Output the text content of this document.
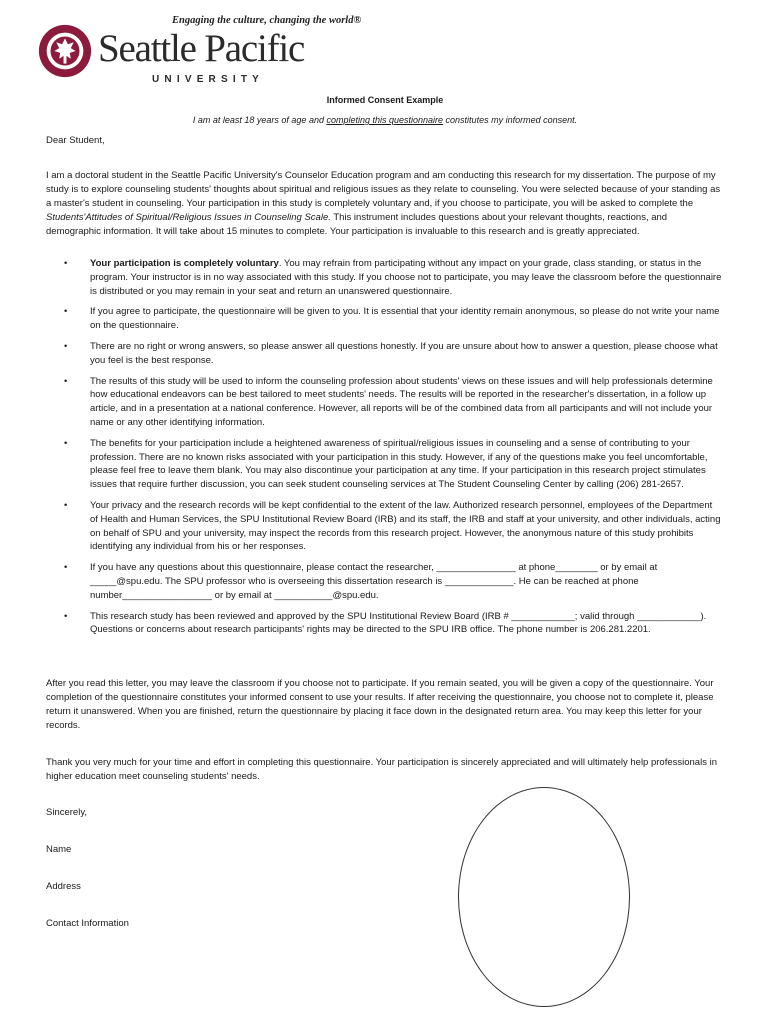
Engaging the culture, changing the world®
Seattle Pacific
UNIVERSITY
Informed Consent Example
I am at least 18 years of age and completing this questionnaire constitutes my informed consent.
Dear Student,
I am a doctoral student in the Seattle Pacific University's Counselor Education program and am conducting this research for my dissertation. The purpose of my study is to explore counseling students' thoughts about spiritual and religious issues as they relate to counseling. You were selected because of your standing as a master's student in counseling. Your participation in this study is completely voluntary and, if you choose to participate, you will be asked to complete the Students'Attitudes of Spiritual/Religious Issues in Counseling Scale. This instrument includes questions about your relevant thoughts, reactions, and demographic information. It will take about 15 minutes to complete. Your participation is invaluable to this research and is greatly appreciated.
• Your participation is completely voluntary. You may refrain from participating without any impact on your grade, class standing, or status in the program. Your instructor is in no way associated with this study. If you choose not to participate, you may leave the classroom before the questionnaire is distributed or you may remain in your seat and return an unanswered questionnaire.
• If you agree to participate, the questionnaire will be given to you. It is essential that your identity remain anonymous, so please do not write your name on the questionnaire.
• There are no right or wrong answers, so please answer all questions honestly. If you are unsure about how to answer a question, please choose what you feel is the best response.
• The results of this study will be used to inform the counseling profession about students' views on these issues and will help professionals determine how educational endeavors can be best tailored to meet students' needs. The results will be reported in the researcher's dissertation, in a follow up article, and in a presentation at a national conference. However, all reports will be of the combined data from all participants and will not include your name or any other identifying information.
• The benefits for your participation include a heightened awareness of spiritual/religious issues in counseling and a sense of contributing to your profession. There are no known risks associated with your participation in this study. However, if any of the questions make you feel uncomfortable, please feel free to leave them blank. You may also discontinue your participation at any time. If your participation in this research project stimulates issues that require further discussion, you can seek student counseling services at The Student Counseling Center by calling (206) 281-2657.
• Your privacy and the research records will be kept confidential to the extent of the law. Authorized research personnel, employees of the Department of Health and Human Services, the SPU Institutional Review Board (IRB) and its staff, the IRB and staff at your university, and other individuals, acting on behalf of SPU and your university, may inspect the records from this research project. However, the anonymous nature of this study prohibits identifying any individual from his or her responses.
• If you have any questions about this questionnaire, please contact the researcher, _______________ at phone________ or by email at _____@spu.edu. The SPU professor who is overseeing this dissertation research is _____________. He can be reached at phone number_________________ or by email at ___________@spu.edu.
• This research study has been reviewed and approved by the SPU Institutional Review Board (IRB # ____________; valid through ____________). Questions or concerns about research participants' rights may be directed to the SPU IRB office. The phone number is 206.281.2201.
After you read this letter, you may leave the classroom if you choose not to participate. If you remain seated, you will be given a copy of the questionnaire. Your completion of the questionnaire constitutes your informed consent to use your results. If after receiving the questionnaire, you choose not to complete it, please return it unanswered. When you are finished, return the questionnaire by placing it face down in the designated return area. You may keep this letter for your records.
Thank you very much for your time and effort in completing this questionnaire. Your participation is sincerely appreciated and will ultimately help professionals in higher education meet counseling students' needs.
Sincerely,
Name
Address
Contact Information
